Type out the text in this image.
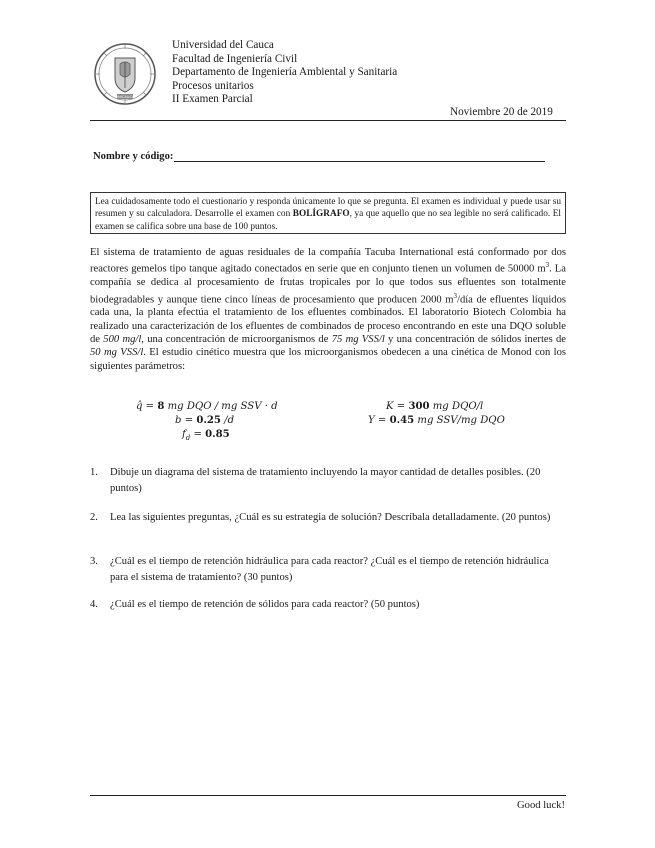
UNICAUCA
Universidad del Cauca
Facultad de Ingeniería Civil
Departamento de Ingeniería Ambiental y Sanitaria
Procesos unitarios
II Examen Parcial
Noviembre 20 de 2019
Nombre y código:
Lea cuidadosamente todo el cuestionario y responda únicamente lo que se pregunta. El examen es individual y puede usar su resumen y su calculadora. Desarrolle el examen con BOLÍGRAFO, ya que aquello que no sea legible no será calificado. El examen se califica sobre una base de 100 puntos.

El sistema de tratamiento de aguas residuales de la compañía Tacuba International está conformado por dos reactores gemelos tipo tanque agitado conectados en serie que en conjunto tienen un volumen de 50000 $m^3$. La compañía se dedica al procesamiento de frutas tropicales por lo que todos sus efluentes son totalmente biodegradables y aunque tiene cinco líneas de procesamiento que producen 2000 $m^3$/día de efluentes líquidos cada una, la planta efectúa el tratamiento de los efluentes combinados. El laboratorio Biotech Colombia ha realizado una caracterización de los efluentes de combinados de proceso encontrando en este una DQO soluble de 500 mg/l, una concentración de microorganismos de 75 mg VSS/l y una concentración de sólidos inertes de 50 mg VSS/l. El estudio cinético muestra que los microorganismos obedecen a una cinética de Monod con los siguientes parámetros:

q̂ = 8 mg DQO / mg SSV · d
b = 0.25 /d
$f_d = 0.85$
K = 300 mg DQO/l
Y = 0.45 mg SSV/mg DQO
1. Dibuje un diagrama del sistema de tratamiento incluyendo la mayor cantidad de detalles posibles. (20 puntos)
2. Lea las siguientes preguntas, ¿Cuál es su estrategia de solución? Descríbala detalladamente. (20 puntos)
3. ¿Cuál es el tiempo de retención hidráulica para cada reactor? ¿Cuál es el tiempo de retención hidráulica para el sistema de tratamiento? (30 puntos)
4. ¿Cuál es el tiempo de retención de sólidos para cada reactor? (50 puntos)
Good luck!
